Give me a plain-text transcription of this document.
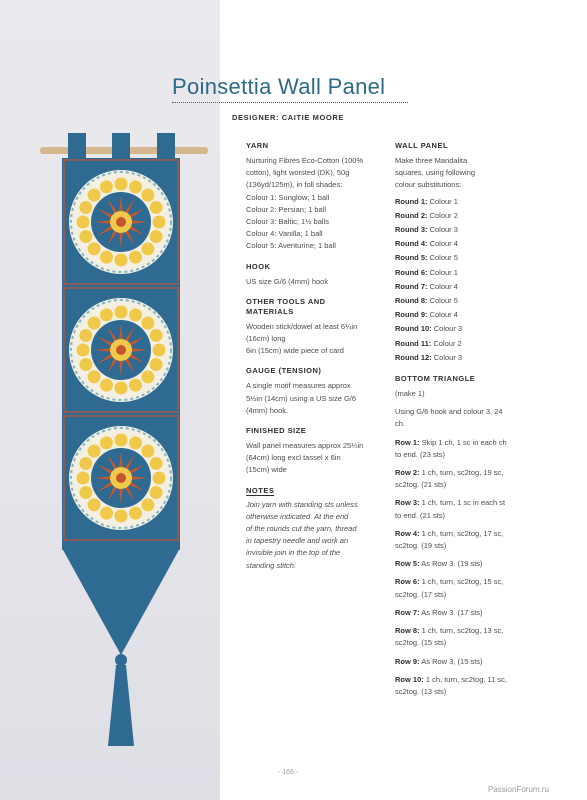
Poinsettia Wall Panel
DESIGNER: CAITIE MOORE
YARN
Nurturing Fibres Eco-Cotton (100%
cotton), light worsted (DK), 50g
(136yd/125m), in foll shades:
Colour 1: Sunglow; 1 ball
Colour 2: Persian; 1 ball
Colour 3: Baltic; 1½ balls
Colour 4: Vanilla; 1 ball
Colour 5: Aventurine; 1 ball
HOOK
US size G/6 (4mm) hook
OTHER TOOLS AND
MATERIALS
Wooden stick/dowel at least 6¼in
(16cm) long
6in (15cm) wide piece of card
GAUGE (TENSION)
A single motif measures approx
5½in (14cm) using a US size G/6
(4mm) hook.
FINISHED SIZE
Wall panel measures approx 25¼in
(64cm) long excl tassel x 6in
(15cm) wide
NOTES
Join yarn with standing sts unless
otherwise indicated. At the end
of the rounds cut the yarn, thread
in tapestry needle and work an
invisible join in the top of the
standing stitch.
WALL PANEL
Make three Mandalita
squares, using following
colour substitutions:
Round 1: Colour 1
Round 2: Colour 2
Round 3: Colour 3
Round 4: Colour 4
Round 5: Colour 5
Round 6: Colour 1
Round 7: Colour 4
Round 8: Colour 5
Round 9: Colour 4
Round 10: Colour 3
Round 11: Colour 2
Round 12: Colour 3
BOTTOM TRIANGLE
(make 1)
Using G/6 hook and colour 3, 24
ch.
Row 1: Skip 1 ch, 1 sc in each ch
to end. (23 sts)
Row 2: 1 ch, turn, sc2tog, 19 sc,
sc2tog. (21 sts)
Row 3: 1 ch, turn, 1 sc in each st
to end. (21 sts)
Row 4: 1 ch, turn, sc2tog, 17 sc,
sc2tog. (19 sts)
Row 5: As Row 3. (19 sts)
Row 6: 1 ch, turn, sc2tog, 15 sc,
sc2tog. (17 sts)
Row 7: As Row 3. (17 sts)
Row 8: 1 ch, turn, sc2tog, 13 sc,
sc2tog. (15 sts)
Row 9: As Row 3, (15 sts)
Row 10: 1 ch, turn, sc2tog, 11 sc,
sc2tog. (13 sts)
- 166 -
PassionForum.ru
